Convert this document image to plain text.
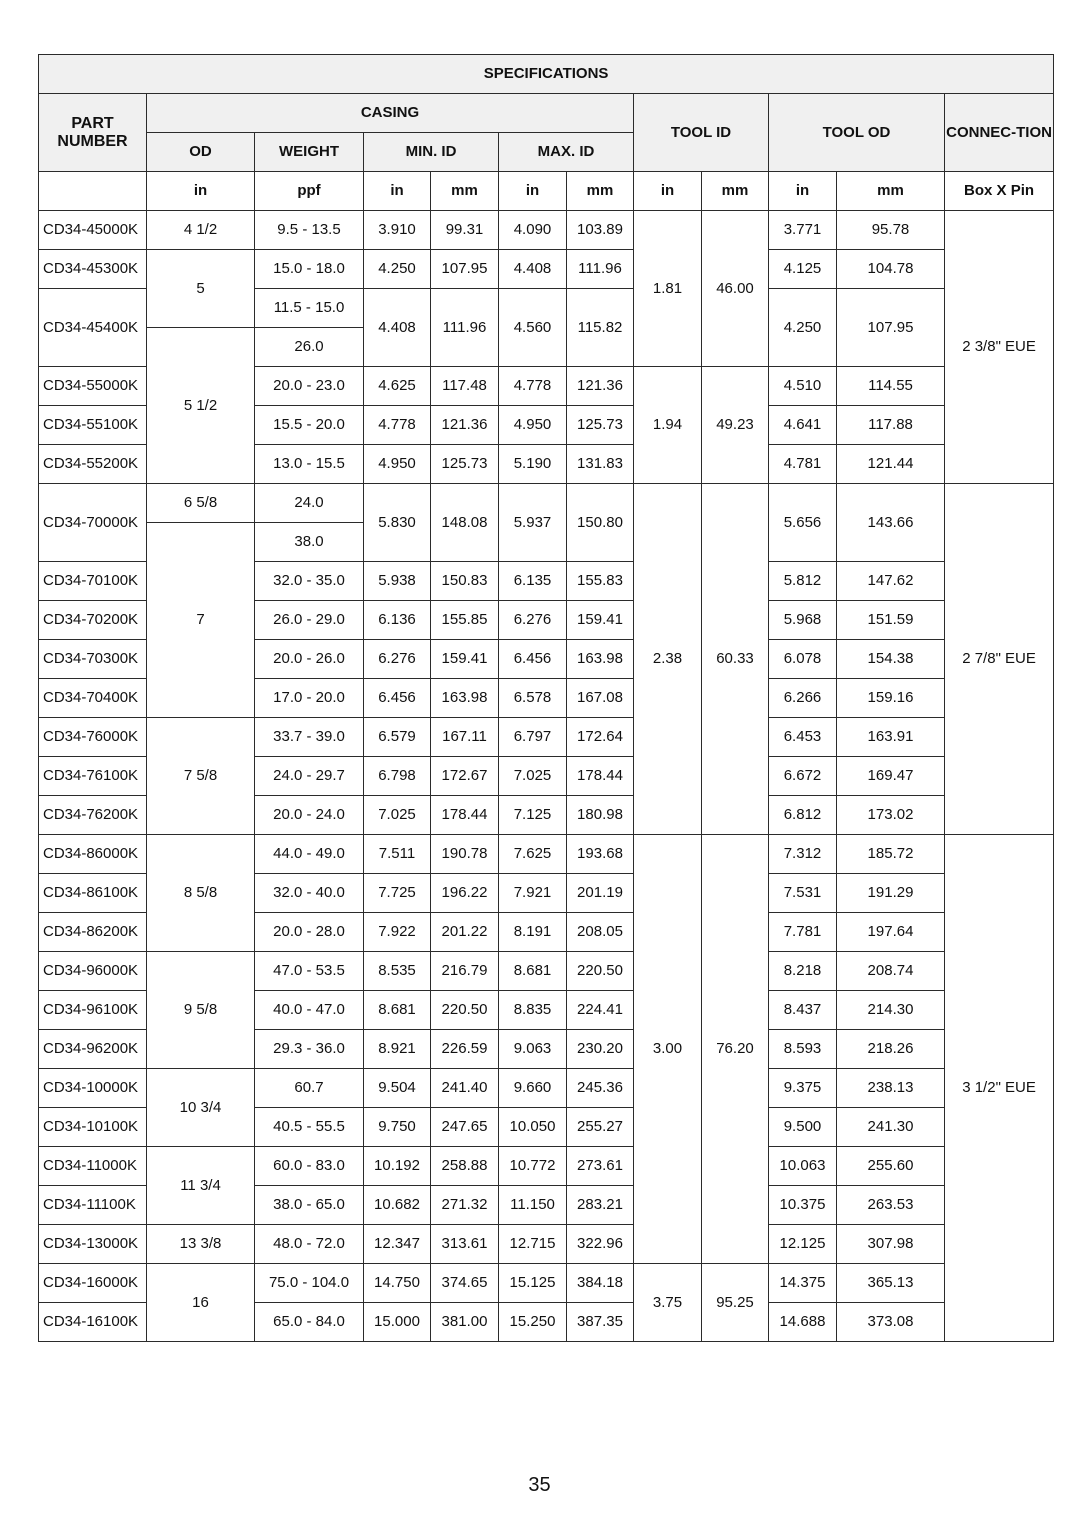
SPECIFICATIONS											
PART NUMBER	CASING						TOOL ID		TOOL OD		CONNEC-TION
	OD	WEIGHT	MIN. ID		MAX. ID						
	in	ppf	in	mm	in	mm	in	mm	in	mm	Box X Pin
CD34-45000K	4 1/2	9.5 - 13.5	3.910	99.31	4.090	103.89	1.81	46.00	3.771	95.78	2 3/8" EUE
CD34-45300K	5	15.0 - 18.0	4.250	107.95	4.408	111.96			4.125	104.78	
CD34-45400K		11.5 - 15.0	4.408	111.96	4.560	115.82			4.250	107.95	
	5 1/2	26.0									
CD34-55000K		20.0 - 23.0	4.625	117.48	4.778	121.36	1.94	49.23	4.510	114.55	
CD34-55100K		15.5 - 20.0	4.778	121.36	4.950	125.73			4.641	117.88	
CD34-55200K		13.0 - 15.5	4.950	125.73	5.190	131.83			4.781	121.44	
CD34-70000K	6 5/8	24.0	5.830	148.08	5.937	150.80	2.38	60.33	5.656	143.66	2 7/8" EUE
	7	38.0									
CD34-70100K		32.0 - 35.0	5.938	150.83	6.135	155.83			5.812	147.62	
CD34-70200K		26.0 - 29.0	6.136	155.85	6.276	159.41			5.968	151.59	
CD34-70300K		20.0 - 26.0	6.276	159.41	6.456	163.98			6.078	154.38	
CD34-70400K		17.0 - 20.0	6.456	163.98	6.578	167.08			6.266	159.16	
CD34-76000K	7 5/8	33.7 - 39.0	6.579	167.11	6.797	172.64			6.453	163.91	
CD34-76100K		24.0 - 29.7	6.798	172.67	7.025	178.44			6.672	169.47	
CD34-76200K		20.0 - 24.0	7.025	178.44	7.125	180.98			6.812	173.02	
CD34-86000K	8 5/8	44.0 - 49.0	7.511	190.78	7.625	193.68	3.00	76.20	7.312	185.72	3 1/2" EUE
CD34-86100K		32.0 - 40.0	7.725	196.22	7.921	201.19			7.531	191.29	
CD34-86200K		20.0 - 28.0	7.922	201.22	8.191	208.05			7.781	197.64	
CD34-96000K	9 5/8	47.0 - 53.5	8.535	216.79	8.681	220.50			8.218	208.74	
CD34-96100K		40.0 - 47.0	8.681	220.50	8.835	224.41			8.437	214.30	
CD34-96200K		29.3 - 36.0	8.921	226.59	9.063	230.20			8.593	218.26	
CD34-10000K	10 3/4	60.7	9.504	241.40	9.660	245.36			9.375	238.13	
CD34-10100K		40.5 - 55.5	9.750	247.65	10.050	255.27			9.500	241.30	
CD34-11000K	11 3/4	60.0 - 83.0	10.192	258.88	10.772	273.61			10.063	255.60	
CD34-11100K		38.0 - 65.0	10.682	271.32	11.150	283.21			10.375	263.53	
CD34-13000K	13 3/8	48.0 - 72.0	12.347	313.61	12.715	322.96			12.125	307.98	
CD34-16000K	16	75.0 - 104.0	14.750	374.65	15.125	384.18	3.75	95.25	14.375	365.13	
CD34-16100K		65.0 - 84.0	15.000	381.00	15.250	387.35			14.688	373.08	
35
